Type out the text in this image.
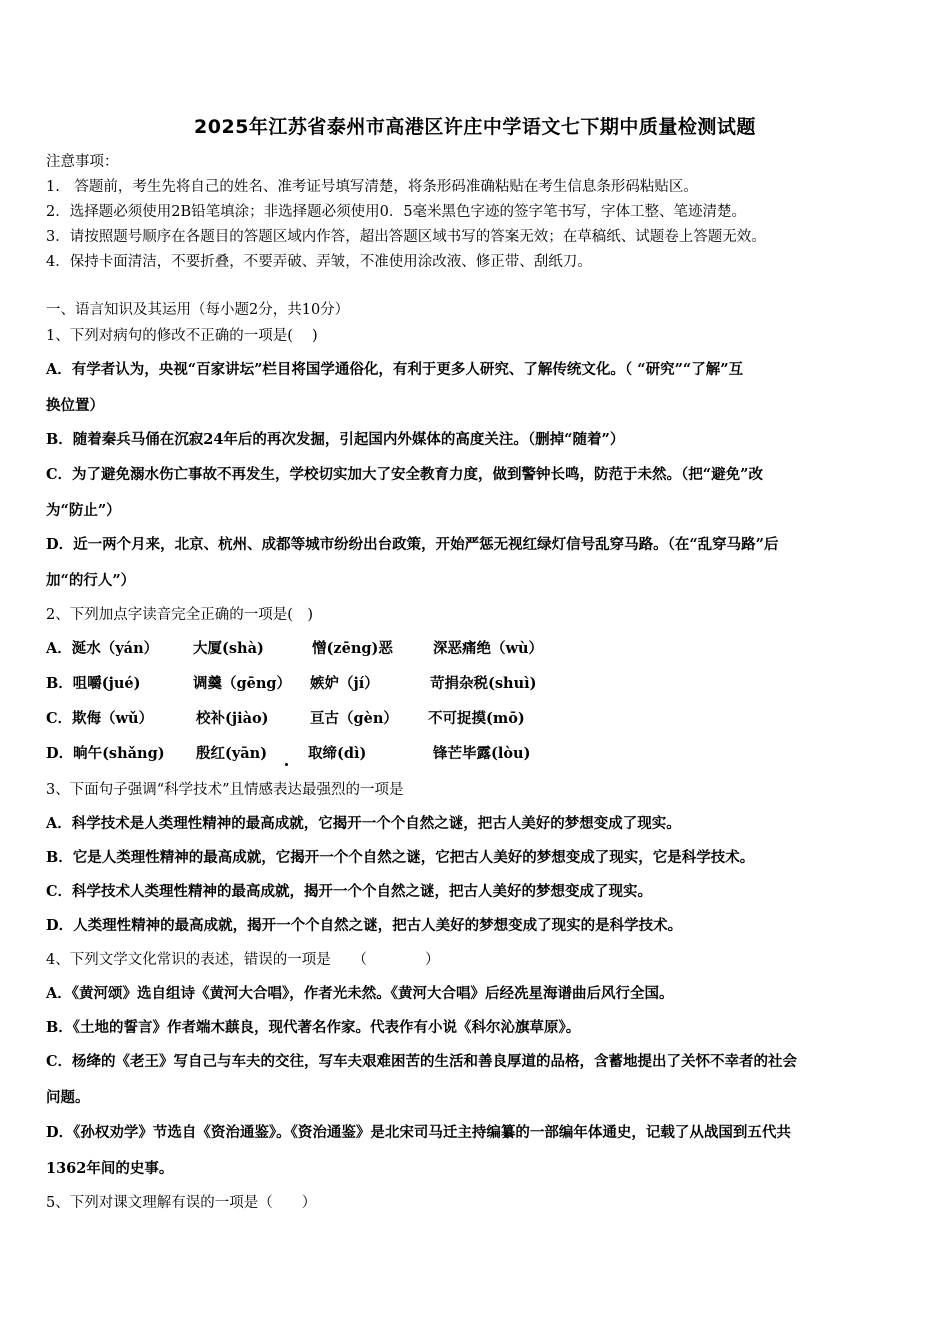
2025年江苏省泰州市高港区许庄中学语文七下期中质量检测试题
注意事项：
1.　答题前，考生先将自己的姓名、准考证号填写清楚，将条形码准确粘贴在考生信息条形码粘贴区。
2．选择题必须使用2B铅笔填涂；非选择题必须使用0．5毫米黑色字迹的签字笔书写，字体工整、笔迹清楚。
3．请按照题号顺序在各题目的答题区域内作答，超出答题区域书写的答案无效；在草稿纸、试题卷上答题无效。
4．保持卡面清洁，不要折叠，不要弄破、弄皱，不准使用涂改液、修正带、刮纸刀。
一、语言知识及其运用（每小题2分，共10分）
1、下列对病句的修改不正确的一项是(　 )
A．有学者认为，央视“百家讲坛”栏目将国学通俗化，有利于更多人研究、了解传统文化。（ “研究”“了解”互
换位置）
B．随着秦兵马俑在沉寂24年后的再次发掘，引起国内外媒体的高度关注。（删掉“随着”）
C．为了避免溺水伤亡事故不再发生，学校切实加大了安全教育力度，做到警钟长鸣，防范于未然。（把“避免”改
为“防止”）
D．近一两个月来，北京、杭州、成都等城市纷纷出台政策，开始严惩无视红绿灯信号乱穿马路。（在“乱穿马路”后
加“的行人”）
2、下列加点字读音完全正确的一项是(　)
A．涎水（yán） 大厦(shà)	憎(zēng)恶	深恶痛绝（wù）
B．咀嚼(jué)	调羹（gēng） 嫉妒（jí）	苛捐杂税(shuì)
C．欺侮（wǔ）	校补(jiào)	亘古（gèn） 不可捉摸(mō)
D．晌午(shǎng) 殷红(yān)	取缔(dì)	锋芒毕露(lòu)
3、下面句子强调“科学技术”且情感表达最强烈的一项是
A．科学技术是人类理性精神的最高成就，它揭开一个个自然之谜，把古人美好的梦想变成了现实。
B．它是人类理性精神的最高成就，它揭开一个个自然之谜，它把古人美好的梦想变成了现实，它是科学技术。
C．科学技术人类理性精神的最高成就，揭开一个个自然之谜，把古人美好的梦想变成了现实。
D．人类理性精神的最高成就，揭开一个个自然之谜，把古人美好的梦想变成了现实的是科学技术。
4、下列文学文化常识的表述，错误的一项是　　（　　　　）
A．《黄河颂》选自组诗《黄河大合唱》，作者光未然。《黄河大合唱》后经冼星海谱曲后风行全国。
B．《土地的誓言》作者端木蕻良，现代著名作家。代表作有小说《科尔沁旗草原》。
C．杨绛的《老王》写自己与车夫的交往，写车夫艰难困苦的生活和善良厚道的品格，含蓄地提出了关怀不幸者的社会
问题。
D．《孙权劝学》节选自《资治通鉴》。《资治通鉴》是北宋司马迁主持编纂的一部编年体通史，记载了从战国到五代共
1362年间的史事。
5、下列对课文理解有误的一项是（　　）
